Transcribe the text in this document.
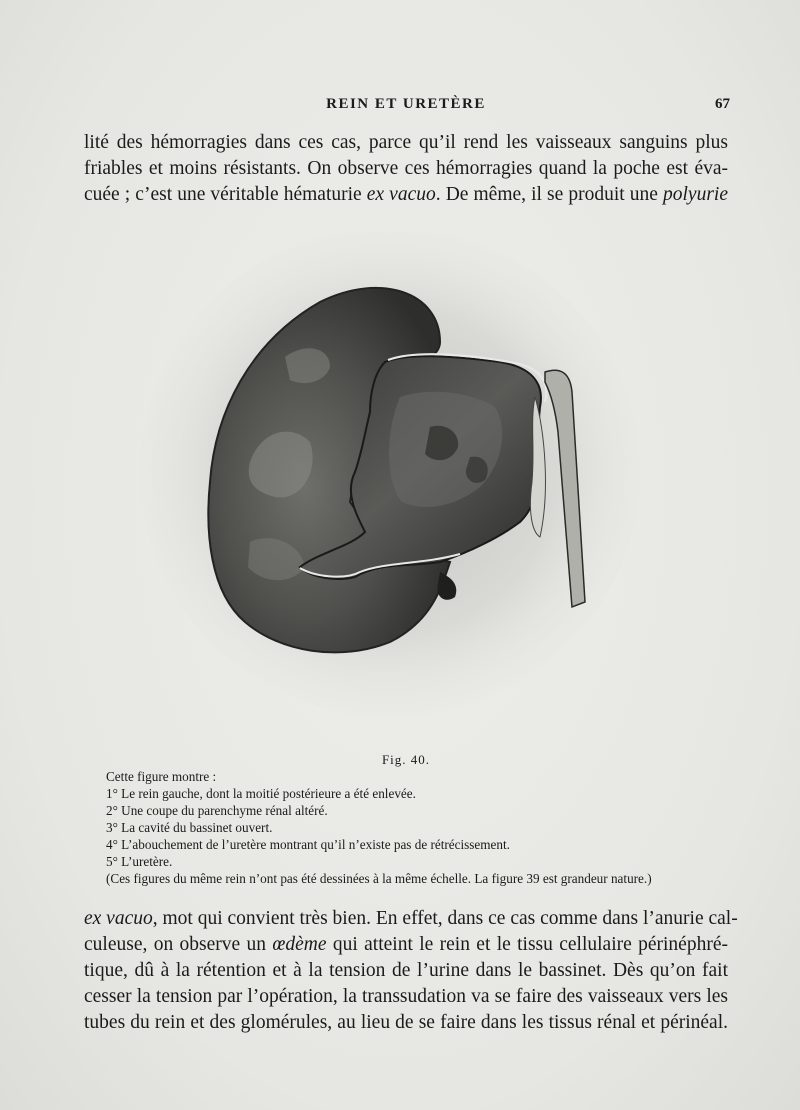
REIN ET URETÈRE	67
lité des hémorragies dans ces cas, parce qu’il rend les vaisseaux sanguins plus
friables et moins résistants. On observe ces hémorragies quand la poche est éva-
cuée ; c’est une véritable hématurie ex vacuo. De même, il se produit une polyurie
Fig. 40.
Cette figure montre :
1° Le rein gauche, dont la moitié postérieure a été enlevée.
2° Une coupe du parenchyme rénal altéré.
3° La cavité du bassinet ouvert.
4° L’abouchement de l’uretère montrant qu’il n’existe pas de rétrécissement.
5° L’uretère.
(Ces figures du même rein n’ont pas été dessinées à la même échelle. La figure 39 est grandeur nature.)
ex vacuo, mot qui convient très bien. En effet, dans ce cas comme dans l’anurie cal-
culeuse, on observe un œdème qui atteint le rein et le tissu cellulaire périnéphré-
tique, dû à la rétention et à la tension de l’urine dans le bassinet. Dès qu’on fait
cesser la tension par l’opération, la transsudation va se faire des vaisseaux vers les
tubes du rein et des glomérules, au lieu de se faire dans les tissus rénal et périnéal.
